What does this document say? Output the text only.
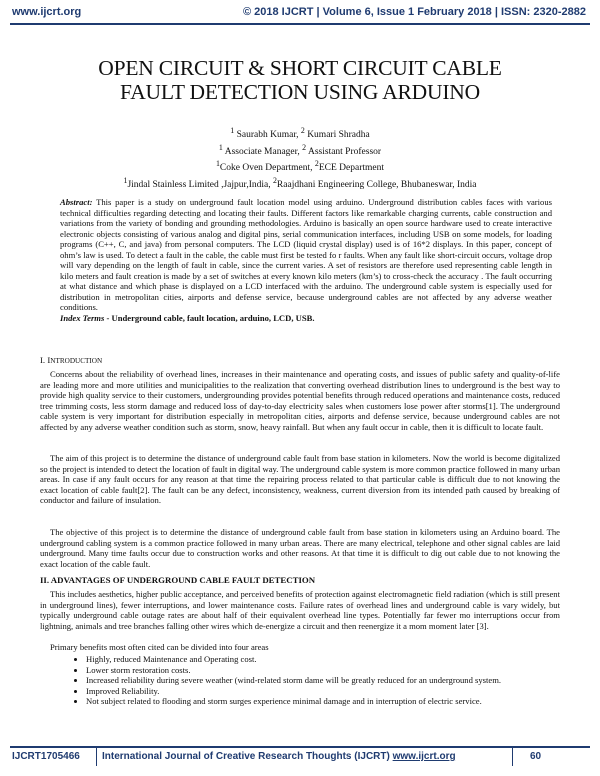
www.ijcrt.org	© 2018 IJCRT | Volume 6, Issue 1 February 2018 | ISSN: 2320-2882
OPEN CIRCUIT & SHORT CIRCUIT CABLE
FAULT DETECTION USING ARDUINO
$^1$ Saurabh Kumar, $^2$ Kumari Shradha
$^1$ Associate Manager, $^2$ Assistant Professor
$^1$Coke Oven Department, $^2$ECE Department
$^1$Jindal Stainless Limited ,Jajpur,India, $^2$Raajdhani Engineering College, Bhubaneswar, India
Abstract: This paper is a study on underground fault location model using arduino. Underground distribution cables faces with various technical difficulties regarding detecting and locating their faults. Different factors like remarkable charging currents, cable construction and variations from the variety of bonding and grounding methodologies. Arduino is basically an open source hardware used to create interactive electronic objects consisting of various analog and digital pins, serial communication interfaces, including USB on some models, for loading programs (C++, C, and java) from personal computers. The LCD (liquid crystal display) used is of 16*2 displays. In this paper, concept of ohm’s law is used. To detect a fault in the cable, the cable must first be tested fo r faults. When any fault like short-circuit occurs, voltage drop will vary depending on the length of fault in cable, since the current varies. A set of resistors are therefore used representing cable length in kilo meters and fault creation is made by a set of switches at every known kilo meters (km’s) to cross-check the accuracy . The fault occurring at what distance and which phase is displayed on a LCD interfaced with the arduino. The underground cable system is especially used for distribution in metropolitan cities, airports and defense service, because underground cables are not affected by any adverse weather conditions.
Index Terms - Underground cable, fault location, arduino, LCD, USB.
I. INTRODUCTION
Concerns about the reliability of overhead lines, increases in their maintenance and operating costs, and issues of public safety and quality-of-life are leading more and more utilities and municipalities to the realization that converting overhead distribution lines to underground is the best way to provide high quality service to their customers, undergrounding provides potential benefits through reduced operations and maintenance costs, reduced tree trimming costs, less storm damage and reduced loss of day-to-day electricity sales when customers lose power after storms[1]. The underground cable system is very important for distribution especially in metropolitan cities, airports and defense service, because underground cables are not affected by any adverse weather condition such as storm, snow, heavy rainfall. But when any fault occur in cable, then it is difficult to locate fault.
The aim of this project is to determine the distance of underground cable fault from base station in kilometers. Now the world is become digitalized so the project is intended to detect the location of fault in digital way. The underground cable system is more common practice followed in many urban areas. In case if any fault occurs for any reason at that time the repairing process related to that particular cable is difficult due to not knowing the exact location of cable fault[2]. The fault can be any defect, inconsistency, weakness, current diversion from its intended path caused by breaking of conductor and failure of insulation.
The objective of this project is to determine the distance of underground cable fault from base station in kilometers using an Arduino board. The underground cabling system is a common practice followed in many urban areas. There are many electrical, telephone and other signal cables are laid underground. Many time faults occur due to construction works and other reasons. At that time it is difficult to dig out cable due to not knowing the exact location of the cable fault.
II. ADVANTAGES OF UNDERGROUND CABLE FAULT DETECTION
This includes aesthetics, higher public acceptance, and perceived benefits of protection against electromagnetic field radiation (which is still present in underground lines), fewer interruptions, and lower maintenance costs. Failure rates of overhead lines and underground cable is vary widely, but typically underground cable outage rates are about half of their equivalent overhead line types. Potentially far fewer mo interruptions occur from lightning, animals and tree branches falling other wires which de-energize a circuit and then reenergize it a mom moment later [3].
Primary benefits most often cited can be divided into four areas
• Highly, reduced Maintenance and Operating cost.
• Lower storm restoration costs.
• Increased reliability during severe weather (wind-related storm dame will be greatly reduced for an underground system.
• Improved Reliability.
• Not subject related to flooding and storm surges experience minimal damage and in interruption of electric service.
IJCRT1705466 International Journal of Creative Research Thoughts (IJCRT) www.ijcrt.org	60
